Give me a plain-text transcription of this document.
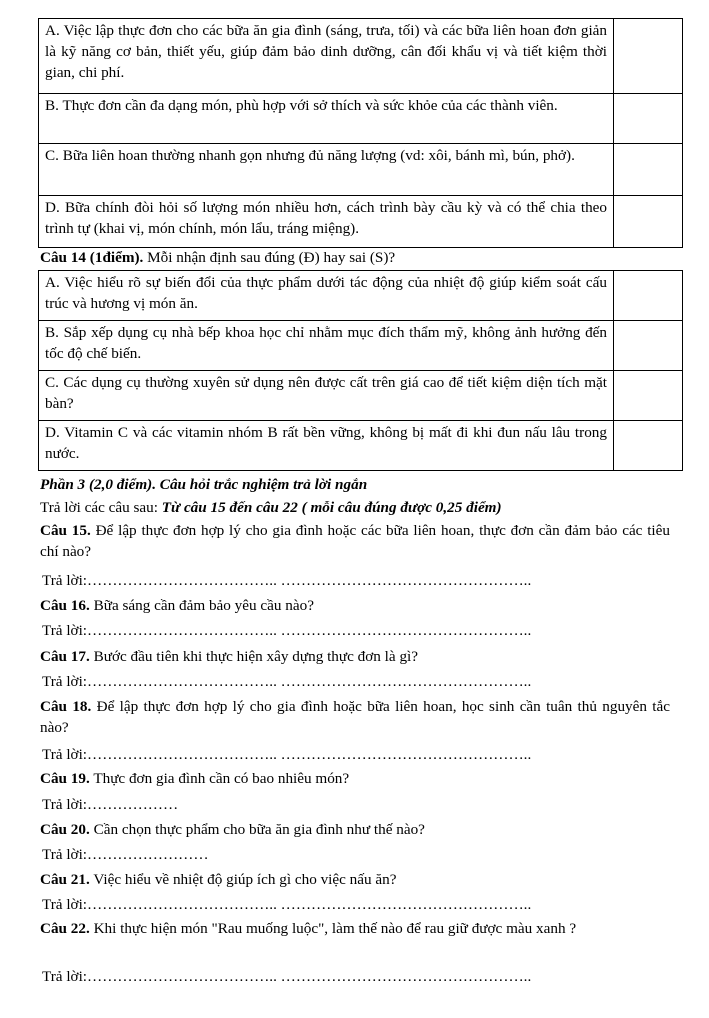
A. Việc lập thực đơn cho các bữa ăn gia đình (sáng, trưa, tối) và các bữa liên hoan đơn giản là kỹ năng cơ bản, thiết yếu, giúp đảm bảo dinh dưỡng, cân đối khẩu vị và tiết kiệm thời gian, chi phí.	
B. Thực đơn cần đa dạng món, phù hợp với sở thích và sức khỏe của các thành viên.	
C. Bữa liên hoan thường nhanh gọn nhưng đủ năng lượng (vd: xôi, bánh mì, bún, phở).	
D. Bữa chính đòi hỏi số lượng món nhiều hơn, cách trình bày cầu kỳ và có thể chia theo trình tự (khai vị, món chính, món lẩu, tráng miệng).	
Câu 14 (1điểm). Mỗi nhận định sau đúng (Đ) hay sai (S)?
A. Việc hiểu rõ sự biến đổi của thực phẩm dưới tác động của nhiệt độ giúp kiểm soát cấu trúc và hương vị món ăn.	
B. Sắp xếp dụng cụ nhà bếp khoa học chỉ nhằm mục đích thẩm mỹ, không ảnh hưởng đến tốc độ chế biến.	
C. Các dụng cụ thường xuyên sử dụng nên được cất trên giá cao để tiết kiệm diện tích mặt bàn?	
D. Vitamin C và các vitamin nhóm B rất bền vững, không bị mất đi khi đun nấu lâu trong nước.	
Phần 3 (2,0 điểm). Câu hỏi trắc nghiệm trả lời ngắn
Trả lời các câu sau: Từ câu 15 đến câu 22 ( mỗi câu đúng được 0,25 điểm)
Câu 15. Để lập thực đơn hợp lý cho gia đình hoặc các bữa liên hoan, thực đơn cần đảm bảo các tiêu chí nào?
Trả lời:……………………………….. …………………………………………..
Câu 16. Bữa sáng cần đảm bảo yêu cầu nào?
Trả lời:……………………………….. …………………………………………..
Câu 17. Bước đầu tiên khi thực hiện xây dựng thực đơn là gì?
Trả lời:……………………………….. …………………………………………..
Câu 18. Để lập thực đơn hợp lý cho gia đình hoặc bữa liên hoan, học sinh cần tuân thủ nguyên tắc nào?
Trả lời:……………………………….. …………………………………………..
Câu 19. Thực đơn gia đình cần có bao nhiêu món?
Trả lời:………………
Câu 20. Cần chọn thực phẩm cho bữa ăn gia đình như thế nào?
Trả lời:……………………
Câu 21. Việc hiểu về nhiệt độ giúp ích gì cho việc nấu ăn?
Trả lời:……………………………….. …………………………………………..
Câu 22. Khi thực hiện món "Rau muống luộc", làm thế nào để rau giữ được màu xanh ?
Trả lời:……………………………….. …………………………………………..
